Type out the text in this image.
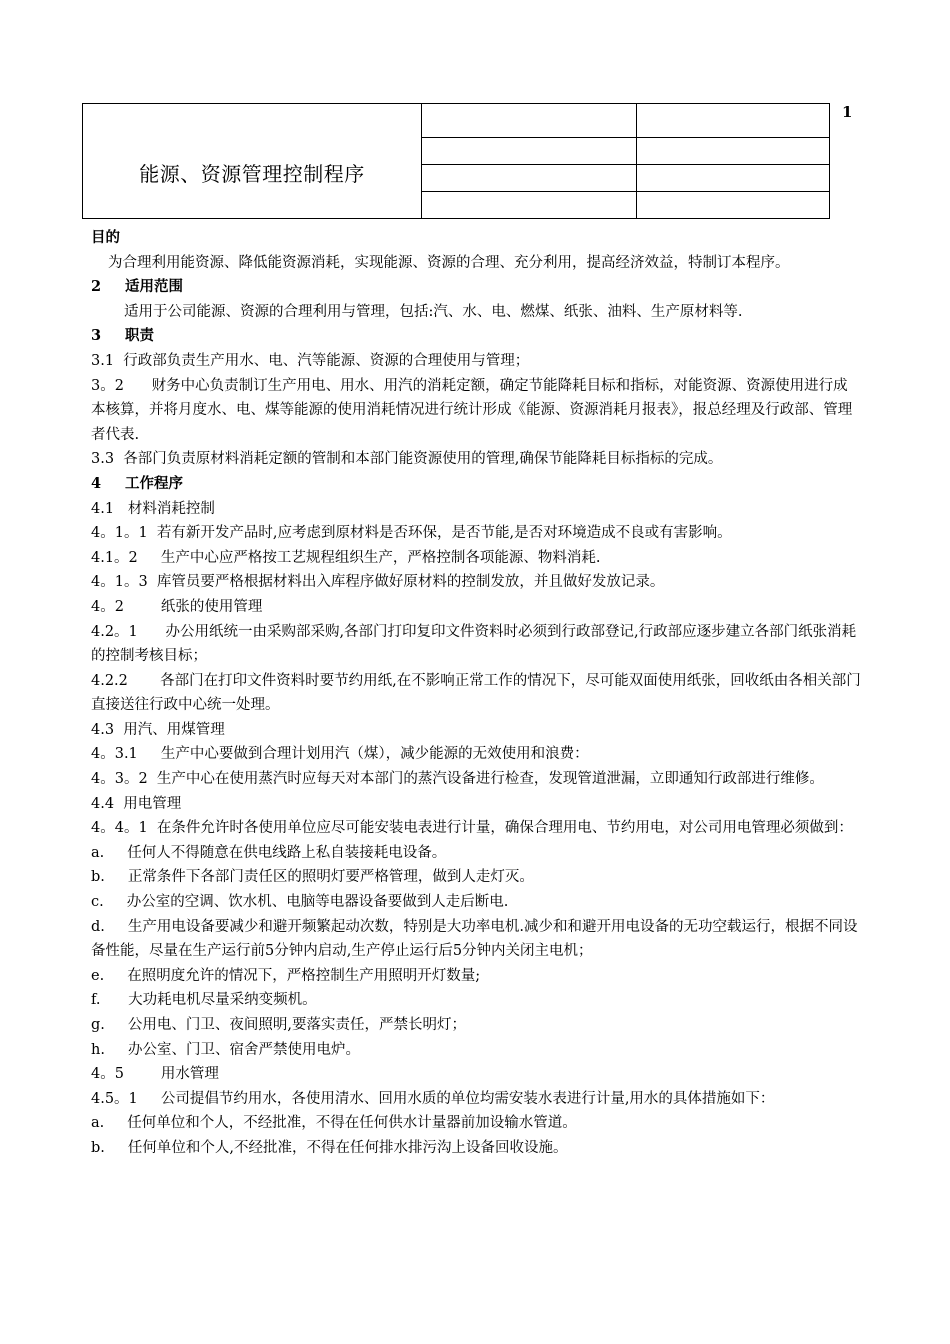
1
能源、资源管理控制程序		

目的

为合理利用能资源、降低能资源消耗，实现能源、资源的合理、充分利用，提高经济效益，特制订本程序。

2 适用范围

适用于公司能源、资源的合理利用与管理，包括:汽、水、电、燃煤、纸张、油料、生产原材料等.

3 职责

3.1  行政部负责生产用水、电、汽等能源、资源的合理使用与管理；

3。2      财务中心负责制订生产用电、用水、用汽的消耗定额，确定节能降耗目标和指标，对能资源、资源使用进行成本核算，并将月度水、电、煤等能源的使用消耗情况进行统计形成《能源、资源消耗月报表》，报总经理及行政部、管理者代表.

3.3  各部门负责原材料消耗定额的管制和本部门能资源使用的管理,确保节能降耗目标指标的完成。

4 工作程序

4.1   材料消耗控制

4。1。1  若有新开发产品时,应考虑到原材料是否环保，是否节能,是否对环境造成不良或有害影响。

4.1。2     生产中心应严格按工艺规程组织生产，严格控制各项能源、物料消耗.

4。1。3  库管员要严格根据材料出入库程序做好原材料的控制发放，并且做好发放记录。

4。2        纸张的使用管理

4.2。1      办公用纸统一由采购部采购,各部门打印复印文件资料时必须到行政部登记,行政部应逐步建立各部门纸张消耗的控制考核目标；

4.2.2       各部门在打印文件资料时要节约用纸,在不影响正常工作的情况下，尽可能双面使用纸张，回收纸由各相关部门直接送往行政中心统一处理。

4.3  用汽、用煤管理

4。3.1     生产中心要做到合理计划用汽（煤），减少能源的无效使用和浪费：

4。3。2  生产中心在使用蒸汽时应每天对本部门的蒸汽设备进行检查，发现管道泄漏，立即通知行政部进行维修。

4.4  用电管理

4。4。1  在条件允许时各使用单位应尽可能安装电表进行计量，确保合理用电、节约用电，对公司用电管理必须做到：

a.     任何人不得随意在供电线路上私自装接耗电设备。

b.     正常条件下各部门责任区的照明灯要严格管理，做到人走灯灭。

c.     办公室的空调、饮水机、电脑等电器设备要做到人走后断电.

d.     生产用电设备要减少和避开频繁起动次数，特别是大功率电机.减少和和避开用电设备的无功空载运行，根据不同设备性能，尽量在生产运行前5分钟内启动,生产停止运行后5分钟内关闭主电机；

e.     在照明度允许的情况下，严格控制生产用照明开灯数量;

f.      大功耗电机尽量采纳变频机。

g.     公用电、门卫、夜间照明,要落实责任，严禁长明灯；

h.     办公室、门卫、宿舍严禁使用电炉。

4。5        用水管理

4.5。1     公司提倡节约用水，各使用清水、回用水质的单位均需安装水表进行计量,用水的具体措施如下：

a.     任何单位和个人，不经批准，不得在任何供水计量器前加设输水管道。

b.     任何单位和个人,不经批准，不得在任何排水排污沟上设备回收设施。
